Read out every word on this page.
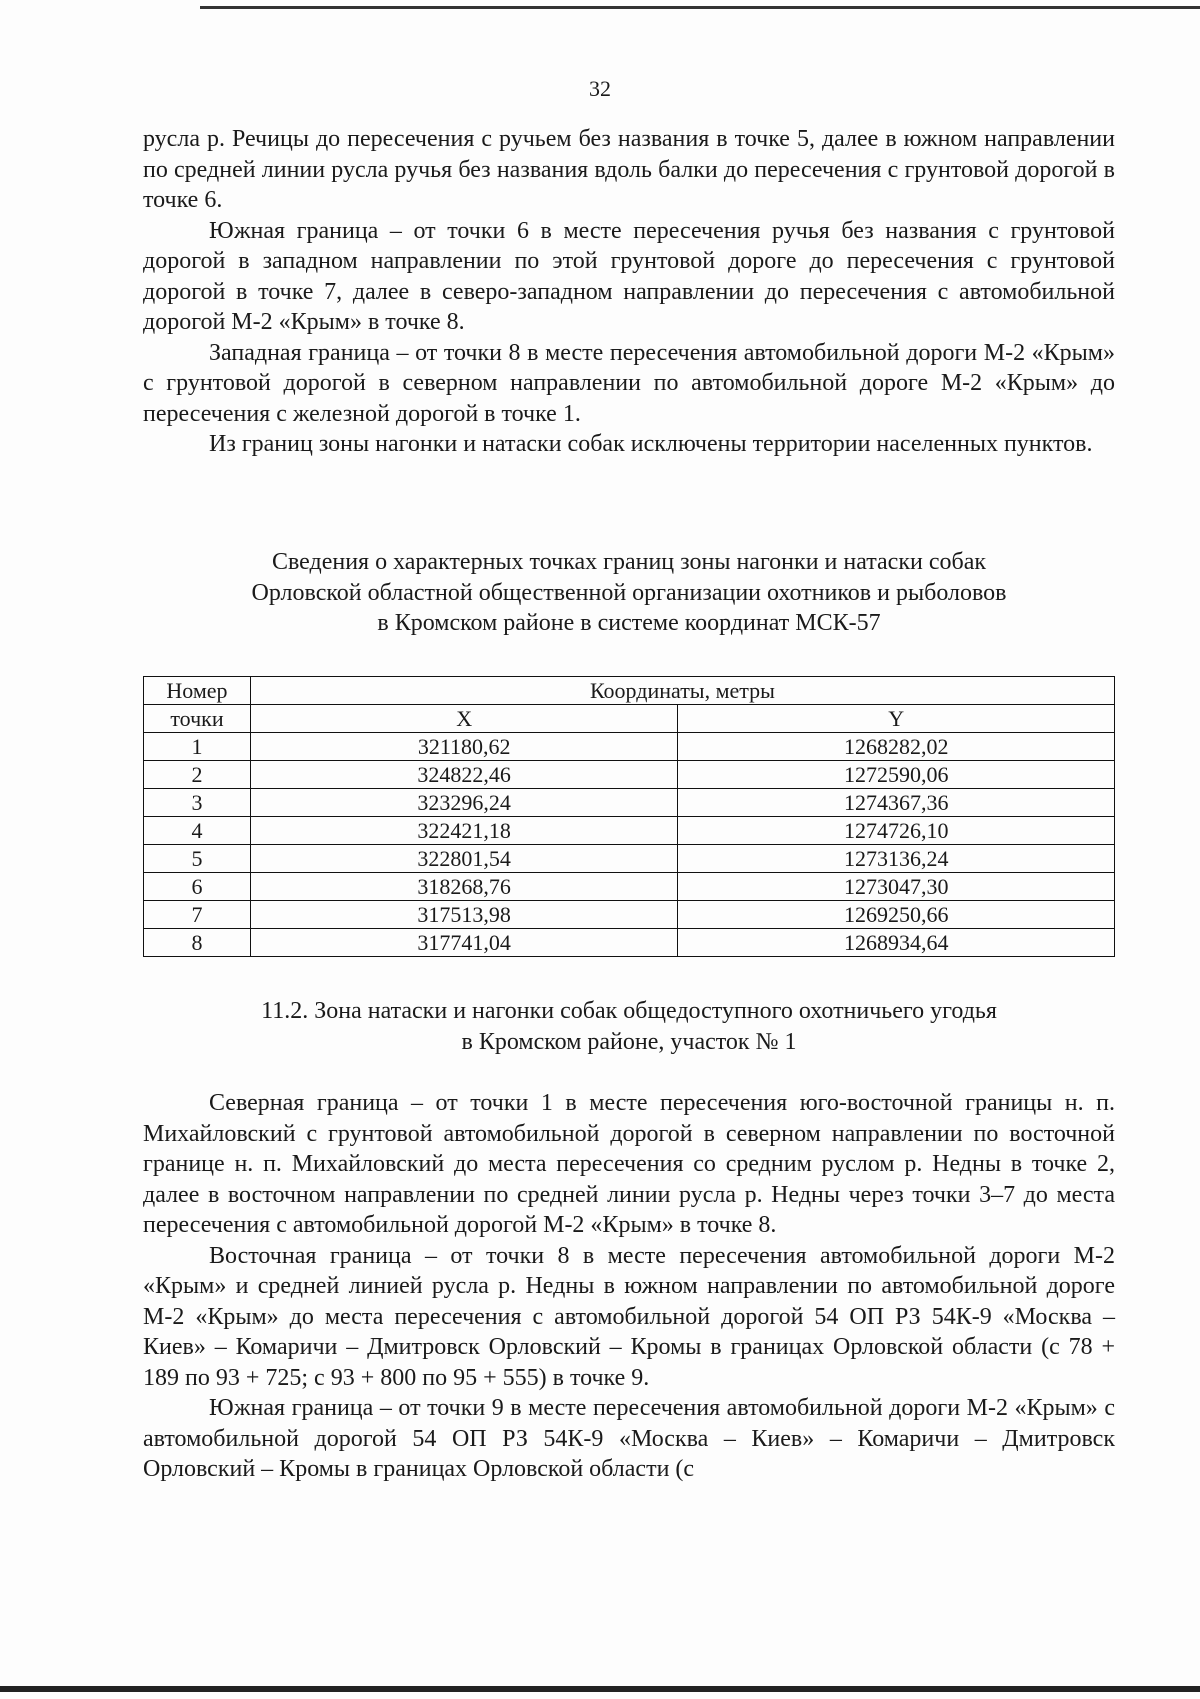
32

русла р. Речицы до пересечения с ручьем без названия в точке 5, далее в южном направлении по средней линии русла ручья без названия вдоль балки до пересечения с грунтовой дорогой в точке 6.

Южная граница – от точки 6 в месте пересечения ручья без названия с грунтовой дорогой в западном направлении по этой грунтовой дороге до пересечения с грунтовой дорогой в точке 7, далее в северо-западном направлении до пересечения с автомобильной дорогой М-2 «Крым» в точке 8.

Западная граница – от точки 8 в месте пересечения автомобильной дороги М-2 «Крым» с грунтовой дорогой в северном направлении по автомобильной дороге М-2 «Крым» до пересечения с железной дорогой в точке 1.

Из границ зоны нагонки и натаски собак исключены территории населенных пунктов.

Сведения о характерных точках границ зоны нагонки и натаски собак

Орловской областной общественной организации охотников и рыболовов

в Кромском районе в системе координат МСК-57

Номер	Координаты, метры	
точки	X	Y
1	321180,62	1268282,02
2	324822,46	1272590,06
3	323296,24	1274367,36
4	322421,18	1274726,10
5	322801,54	1273136,24
6	318268,76	1273047,30
7	317513,98	1269250,66
8	317741,04	1268934,64

11.2. Зона натаски и нагонки собак общедоступного охотничьего угодья

в Кромском районе, участок № 1

Северная граница – от точки 1 в месте пересечения юго-восточной границы н. п. Михайловский с грунтовой автомобильной дорогой в северном направлении по восточной границе н. п. Михайловский до места пересечения со средним руслом р. Недны в точке 2, далее в восточном направлении по средней линии русла р. Недны через точки 3–7 до места пересечения с автомобильной дорогой М-2 «Крым» в точке 8.

Восточная граница – от точки 8 в месте пересечения автомобильной дороги М-2 «Крым» и средней линией русла р. Недны в южном направлении по автомобильной дороге М-2 «Крым» до места пересечения с автомобильной дорогой 54 ОП РЗ 54К-9 «Москва – Киев» – Комаричи – Дмитровск Орловский – Кромы в границах Орловской области (с 78 + 189 по 93 + 725; с 93 + 800 по 95 + 555) в точке 9.

Южная граница – от точки 9 в месте пересечения автомобильной дороги М-2 «Крым» с автомобильной дорогой 54 ОП РЗ 54К-9 «Москва – Киев» – Комаричи – Дмитровск Орловский – Кромы в границах Орловской области (с
